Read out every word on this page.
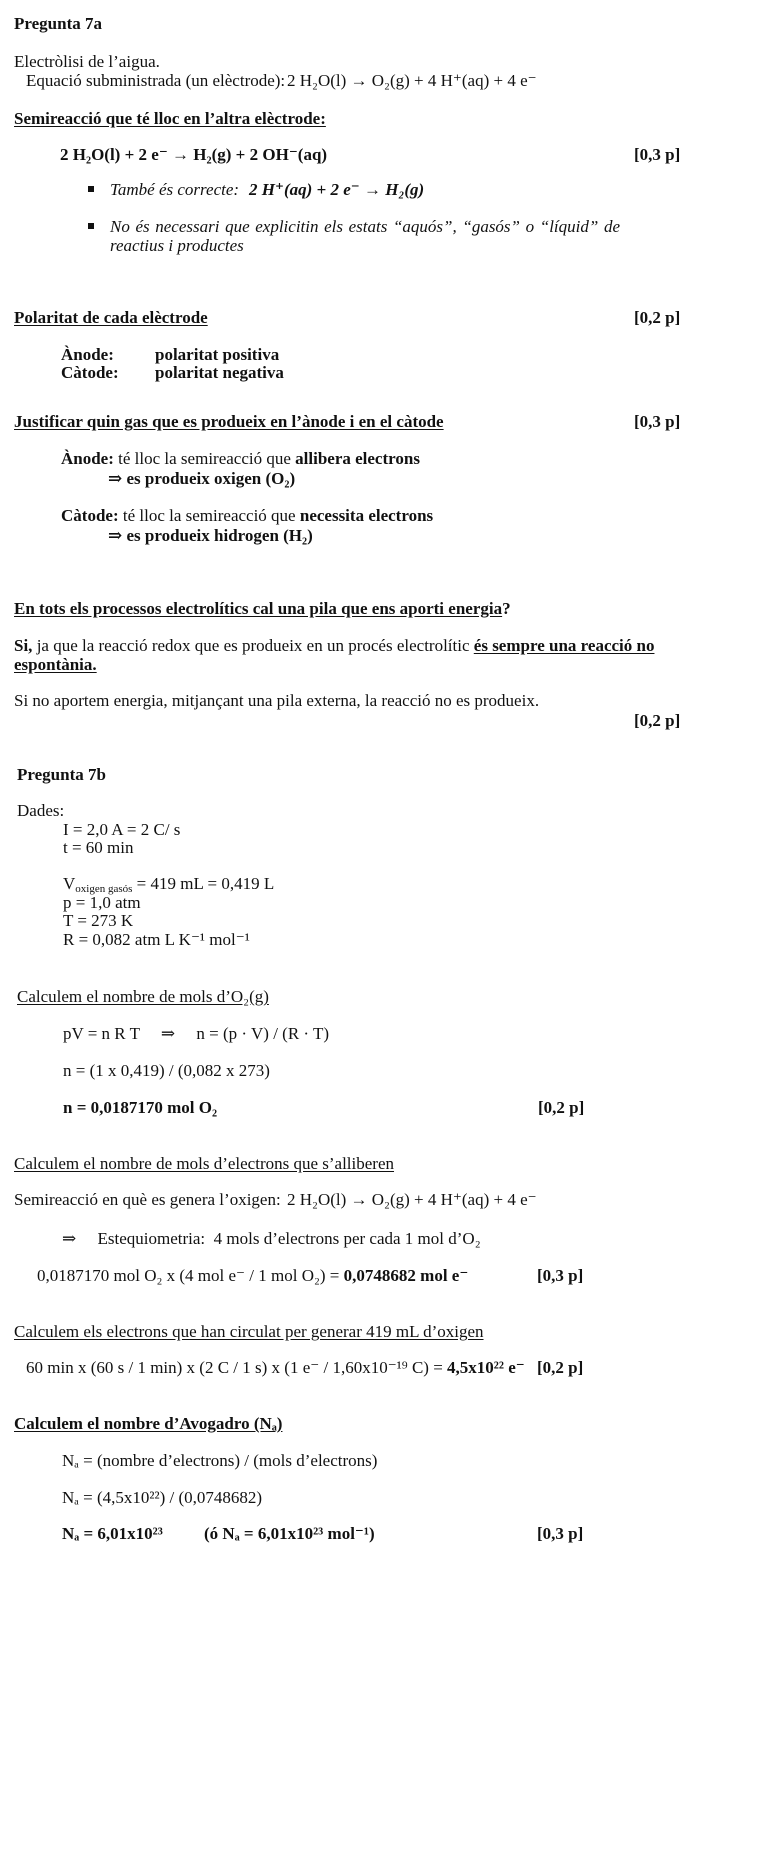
Pregunta 7a
Electròlisi de l’aigua.
Equació subministrada (un elèctrode): 2 H₂O(l) → O₂(g) + 4 H⁺(aq) + 4 e⁻
Semireacció que té lloc en l’altra elèctrode:
2 H₂O(l) + 2 e⁻ → H₂(g) + 2 OH⁻(aq)	[0,3 p]
També és correcte: 2 H⁺(aq) + 2 e⁻ → H₂(g)
No és necessari que explicitin els estats “aquós”, “gasós” o “líquid” de
reactius i productes
Polaritat de cada elèctrode	[0,2 p]
Ànode: polaritat positiva
Càtode: polaritat negativa
Justificar quin gas que es produeix en l’ànode i en el càtode	[0,3 p]
Ànode: té lloc la semireacció que allibera electrons
⇒ es produeix oxigen (O₂)
Càtode: té lloc la semireacció que necessita electrons
⇒ es produeix hidrogen (H₂)
En tots els processos electrolítics cal una pila que ens aporti energia?
Si, ja que la reacció redox que es produeix en un procés electrolític és sempre una reacció no
espontània.
Si no aportem energia, mitjançant una pila externa, la reacció no es produeix.
[0,2 p]
Pregunta 7b
Dades:
I = 2,0 A = 2 C/ s
t = 60 min
Voxigen gasós = 419 mL = 0,419 L
p = 1,0 atm
T = 273 K
R = 0,082 atm L K⁻¹ mol⁻¹
Calculem el nombre de mols d’O₂(g)
pV = n R T     ⇒     n = (p · V) / (R · T)
n = (1 x 0,419) / (0,082 x 273)
n = 0,0187170 mol O₂	[0,2 p]
Calculem el nombre de mols d’electrons que s’alliberen
Semireacció en què es genera l’oxigen: 2 H₂O(l) → O₂(g) + 4 H⁺(aq) + 4 e⁻
⇒     Estequiometria:  4 mols d’electrons per cada 1 mol d’O₂
0,0187170 mol O₂ x (4 mol e⁻ / 1 mol O₂) = 0,0748682 mol e⁻	[0,3 p]
Calculem els electrons que han circulat per generar 419 mL d’oxigen
60 min x (60 s / 1 min) x (2 C / 1 s) x (1 e⁻ / 1,60x10⁻¹⁹ C) = 4,5x10²² e⁻ [0,2 p]
Calculem el nombre d’Avogadro (Nₐ)
Nₐ = (nombre d’electrons) / (mols d’electrons)
Nₐ = (4,5x10²²) / (0,0748682)
Nₐ = 6,01x10²³ (ó Nₐ = 6,01x10²³ mol⁻¹)	[0,3 p]
